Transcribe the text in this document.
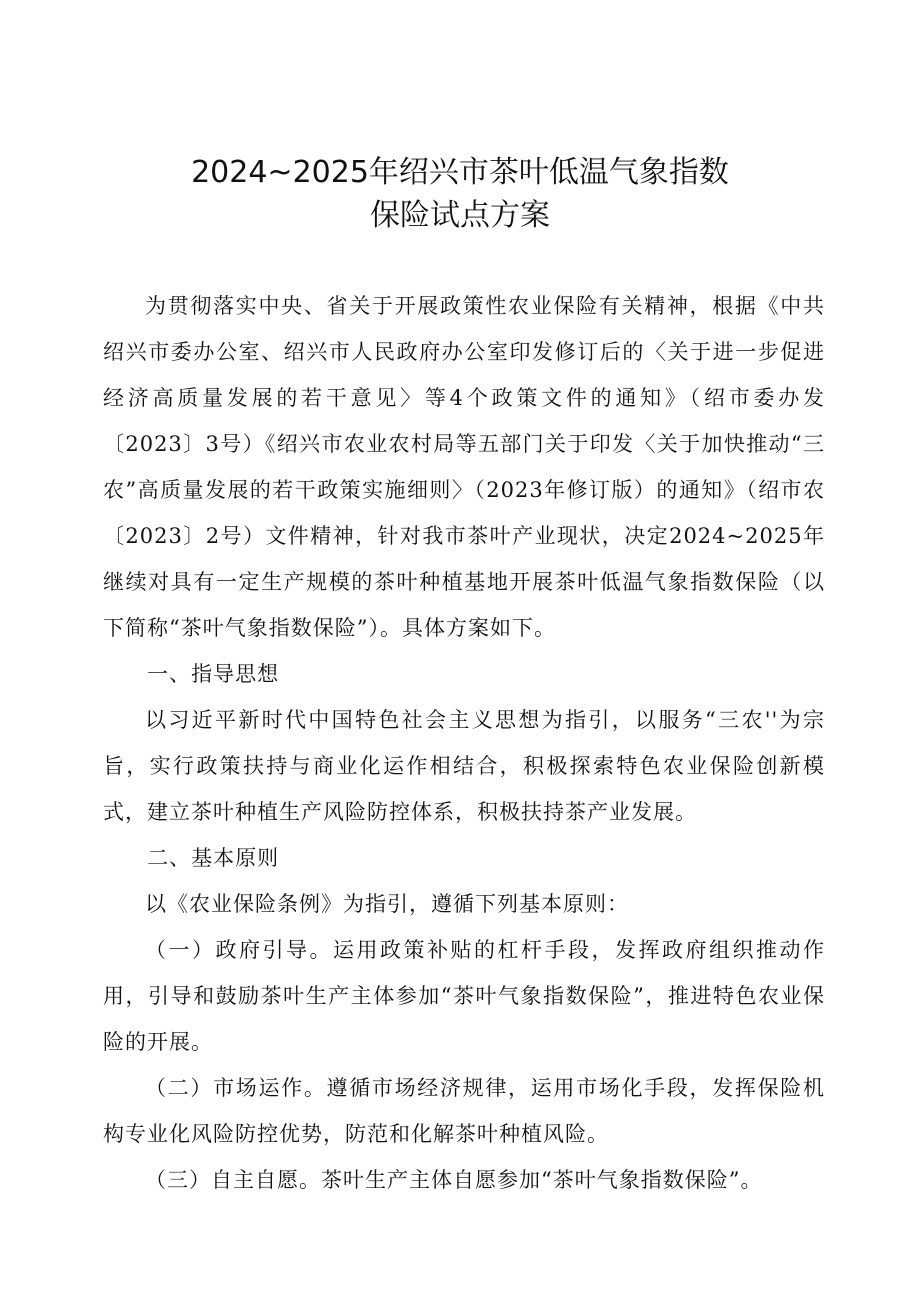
2024~2025年绍兴市茶叶低温气象指数
保险试点方案

为贯彻落实中央、省关于开展政策性农业保险有关精神，根据《中共绍兴市委办公室、绍兴市人民政府办公室印发修订后的〈关于进一步促进经济高质量发展的若干意见〉等4个政策文件的通知》（绍市委办发〔2023〕3号）《绍兴市农业农村局等五部门关于印发〈关于加快推动“三农”高质量发展的若干政策实施细则〉（2023年修订版）的通知》（绍市农〔2023〕2号）文件精神，针对我市茶叶产业现状，决定2024~2025年继续对具有一定生产规模的茶叶种植基地开展茶叶低温气象指数保险（以下简称“茶叶气象指数保险”）。具体方案如下。

一、指导思想

以习近平新时代中国特色社会主义思想为指引，以服务“三农''为宗旨，实行政策扶持与商业化运作相结合，积极探索特色农业保险创新模式，建立茶叶种植生产风险防控体系，积极扶持茶产业发展。

二、基本原则

以《农业保险条例》为指引，遵循下列基本原则：

（一）政府引导。运用政策补贴的杠杆手段，发挥政府组织推动作用，引导和鼓励茶叶生产主体参加“茶叶气象指数保险”，推进特色农业保险的开展。

（二）市场运作。遵循市场经济规律，运用市场化手段，发挥保险机构专业化风险防控优势，防范和化解茶叶种植风险。

（三）自主自愿。茶叶生产主体自愿参加“茶叶气象指数保险”。
